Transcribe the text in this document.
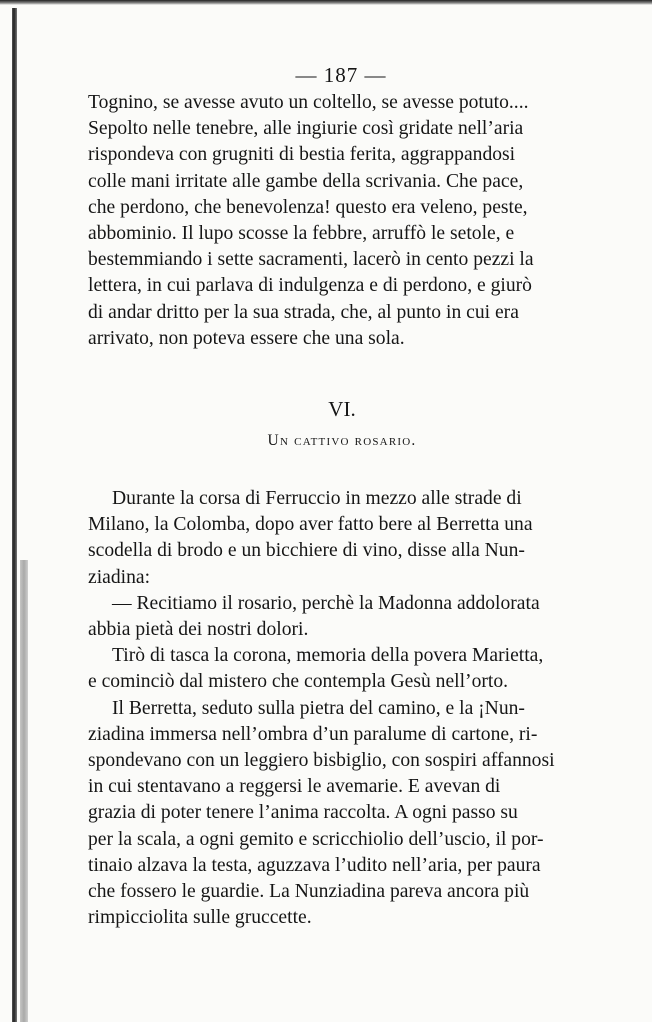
— 187 —

Tognino, se avesse avuto un coltello, se avesse potuto....

Sepolto nelle tenebre, alle ingiurie così gridate nell’aria

rispondeva con grugniti di bestia ferita, aggrappandosi

colle mani irritate alle gambe della scrivania. Che pace,

che perdono, che benevolenza! questo era veleno, peste,

abbominio. Il lupo scosse la febbre, arruffò le setole, e

bestemmiando i sette sacramenti, lacerò in cento pezzi la

lettera, in cui parlava di indulgenza e di perdono, e giurò

di andar dritto per la sua strada, che, al punto in cui era

arrivato, non poteva essere che una sola.

VI.
Un cattivo rosario.

Durante la corsa di Ferruccio in mezzo alle strade di

Milano, la Colomba, dopo aver fatto bere al Berretta una

scodella di brodo e un bicchiere di vino, disse alla Nun-

ziadina:

— Recitiamo il rosario, perchè la Madonna addolorata

abbia pietà dei nostri dolori.

Tirò di tasca la corona, memoria della povera Marietta,

e cominciò dal mistero che contempla Gesù nell’orto.

Il Berretta, seduto sulla pietra del camino, e la ¡Nun-

ziadina immersa nell’ombra d’un paralume di cartone, ri-

spondevano con un leggiero bisbiglio, con sospiri affannosi

in cui stentavano a reggersi le avemarie. E avevan di

grazia di poter tenere l’anima raccolta. A ogni passo su

per la scala, a ogni gemito e scricchiolio dell’uscio, il por-

tinaio alzava la testa, aguzzava l’udito nell’aria, per paura

che fossero le guardie. La Nunziadina pareva ancora più

rimpicciolita sulle gruccette.
